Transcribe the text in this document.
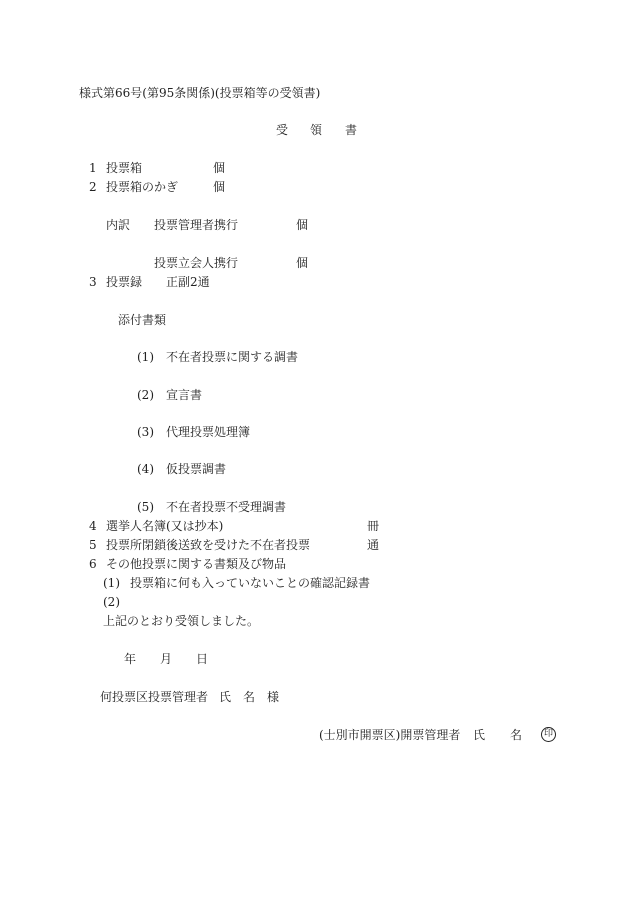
様式第66号(第95条関係)(投票箱等の受領書)
受 領 書
1 投票箱	個
2 投票箱のかぎ	個
内訳 投票管理者携行	個
投票立会人携行	個
3 投票録 正副2通
添付書類
(1) 不在者投票に関する調書
(2) 宣言書
(3) 代理投票処理簿
(4) 仮投票調書
(5) 不在者投票不受理調書
4 選挙人名簿(又は抄本)	冊
5 投票所閉鎖後送致を受けた不在者投票	通
6 その他投票に関する書類及び物品
(1) 投票箱に何も入っていないことの確認記録書
(2)
上記のとおり受領しました。
年 月 日
何投票区投票管理者 氏 名 様
(士別市開票区)開票管理者 氏 名	印
